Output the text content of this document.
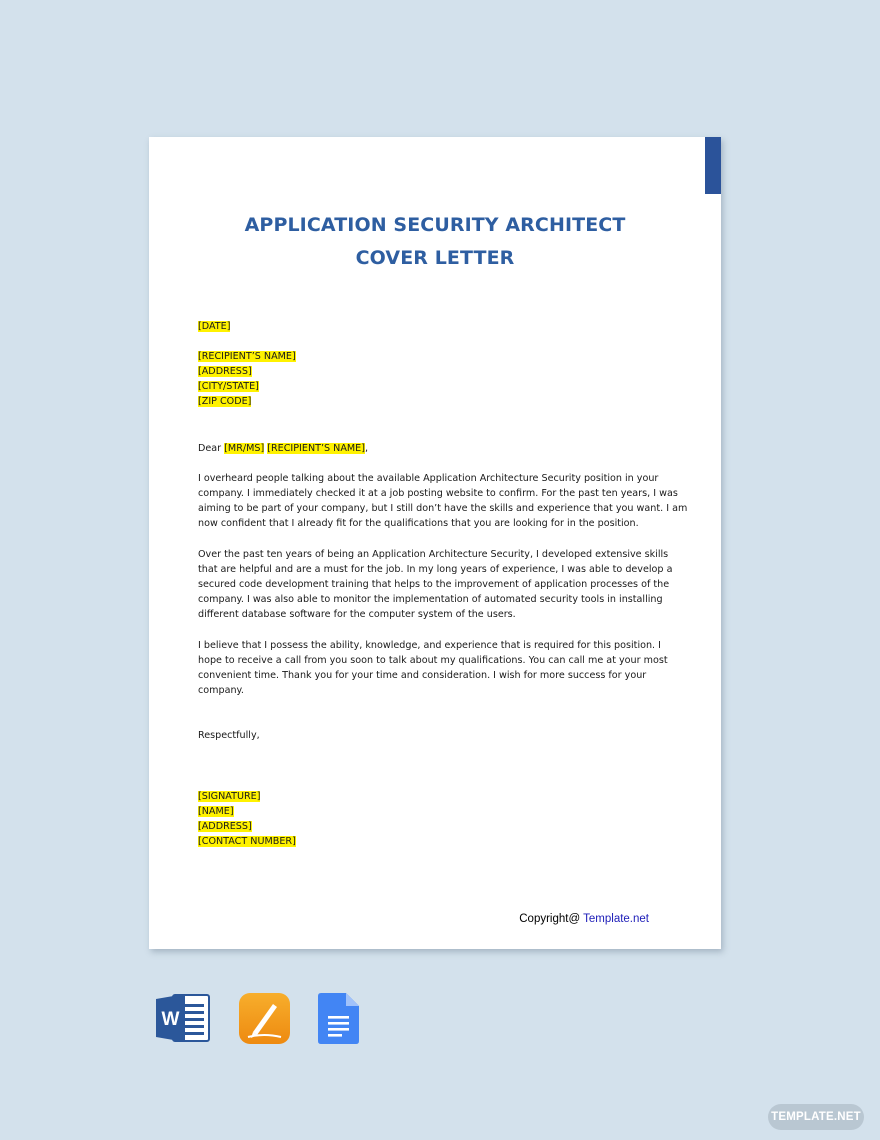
APPLICATION SECURITY ARCHITECT
COVER LETTER
[DATE]
[RECIPIENT’S NAME]
[ADDRESS]
[CITY/STATE]
[ZIP CODE]
Dear [MR/MS] [RECIPIENT’S NAME],
I overheard people talking about the available Application Architecture Security position in your
company. I immediately checked it at a job posting website to confirm. For the past ten years, I was
aiming to be part of your company, but I still don’t have the skills and experience that you want. I am
now confident that I already fit for the qualifications that you are looking for in the position.
Over the past ten years of being an Application Architecture Security, I developed extensive skills
that are helpful and are a must for the job. In my long years of experience, I was able to develop a
secured code development training that helps to the improvement of application processes of the
company. I was also able to monitor the implementation of automated security tools in installing
different database software for the computer system of the users.
I believe that I possess the ability, knowledge, and experience that is required for this position. I
hope to receive a call from you soon to talk about my qualifications. You can call me at your most
convenient time. Thank you for your time and consideration. I wish for more success for your
company.
Respectfully,
[SIGNATURE]
[NAME]
[ADDRESS]
[CONTACT NUMBER]
Copyright@ Template.net
W
TEMPLATE.NET
